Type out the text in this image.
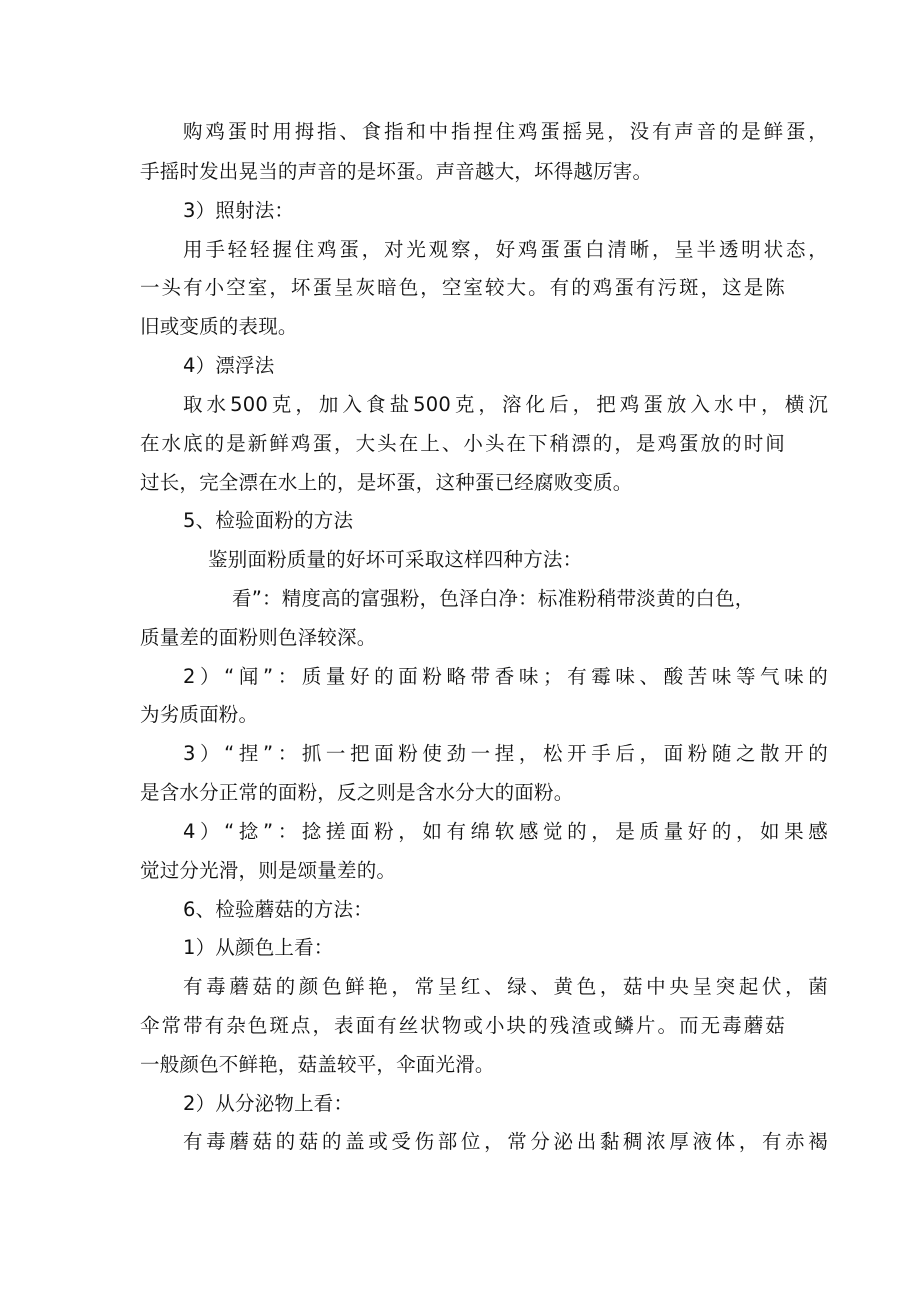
购鸡蛋时用拇指、食指和中指捏住鸡蛋摇晃，没有声音的是鲜蛋，
手摇时发出晃当的声音的是坏蛋。声音越大，坏得越厉害。
3）照射法：
用手轻轻握住鸡蛋，对光观察，好鸡蛋蛋白清晰，呈半透明状态，
一头有小空室，坏蛋呈灰暗色，空室较大。有的鸡蛋有污斑，这是陈
旧或变质的表现。
4）漂浮法
取水500克，加入食盐500克，溶化后，把鸡蛋放入水中，横沉
在水底的是新鲜鸡蛋，大头在上、小头在下稍漂的，是鸡蛋放的时间
过长，完全漂在水上的，是坏蛋，这种蛋已经腐败变质。
5、检验面粉的方法
鉴别面粉质量的好坏可采取这样四种方法：
看”：精度高的富强粉，色泽白净：标准粉稍带淡黄的白色，
质量差的面粉则色泽较深。
2）“闻”：质量好的面粉略带香味；有霉味、酸苦味等气味的
为劣质面粉。
3）“捏”：抓一把面粉使劲一捏，松开手后，面粉随之散开的
是含水分正常的面粉，反之则是含水分大的面粉。
4）“捻”：捻搓面粉，如有绵软感觉的，是质量好的，如果感
觉过分光滑，则是颂量差的。
6、检验蘑菇的方法：
1）从颜色上看：
有毒蘑菇的颜色鲜艳，常呈红、绿、黄色，菇中央呈突起伏，菌
伞常带有杂色斑点，表面有丝状物或小块的残渣或鳞片。而无毒蘑菇
一般颜色不鲜艳，菇盖较平，伞面光滑。
2）从分泌物上看：
有毒蘑菇的菇的盖或受伤部位，常分泌出黏稠浓厚液体，有赤褐
